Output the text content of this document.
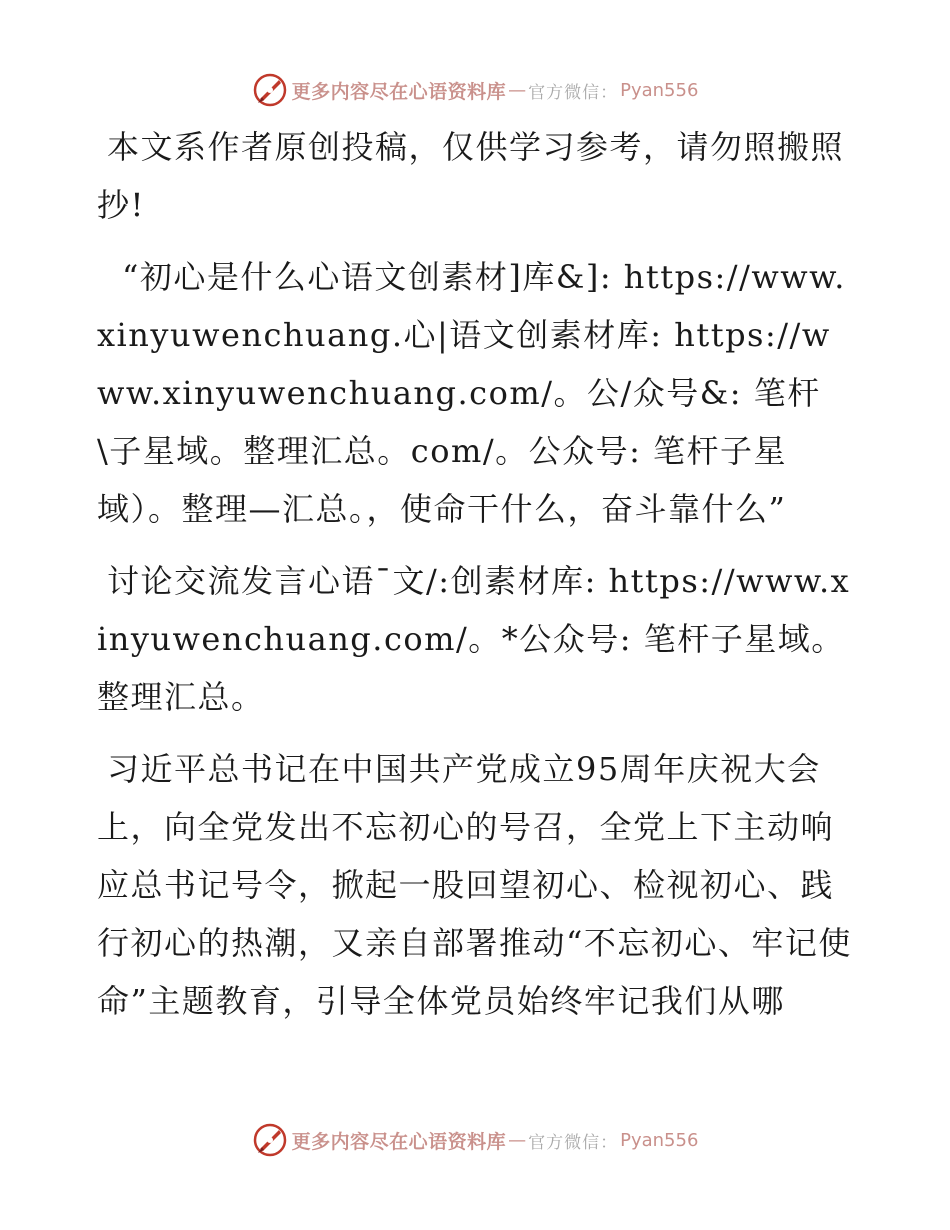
更多内容尽在心语资料库 — 官方微信： Pyan556

本文系作者原创投稿，仅供学习参考，请勿照搬照抄!

“初心是什么心语文创素材]库&]: https://www.xinyuwenchuang.心|语文创素材库: https://www.xinyuwenchuang.com/。公/众号&: 笔杆\子星域。整理汇总。com/。公众号: 笔杆子星域）。整理—汇总。，使命干什么，奋斗靠什么”

讨论交流发言心语¯文/:创素材库: https://www.xinyuwenchuang.com/。*公众号: 笔杆子星域。整理汇总。

习近平总书记在中国共产党成立95周年庆祝大会上，向全党发出不忘初心的号召，全党上下主动响应总书记号令，掀起一股回望初心、检视初心、践行初心的热潮，又亲自部署推动“不忘初心、牢记使命”主题教育，引导全体党员始终牢记我们从哪

更多内容尽在心语资料库 — 官方微信： Pyan556
